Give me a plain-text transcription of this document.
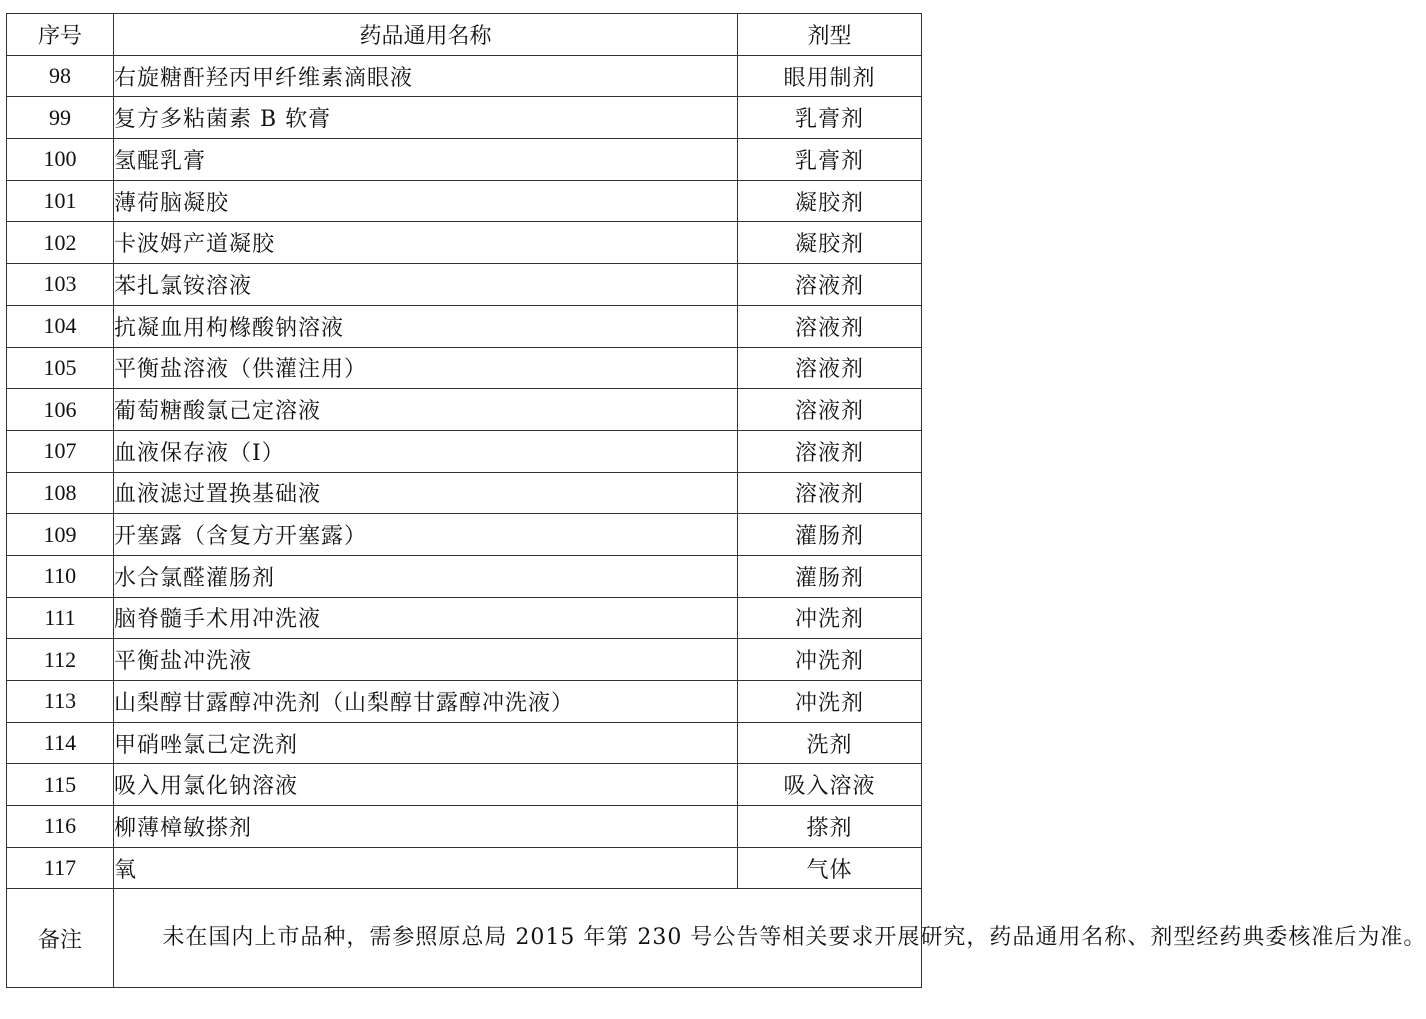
序号	药品通用名称	剂型
98	右旋糖酐羟丙甲纤维素滴眼液	眼用制剂
99	复方多粘菌素 B 软膏	乳膏剂
100	氢醌乳膏	乳膏剂
101	薄荷脑凝胶	凝胶剂
102	卡波姆产道凝胶	凝胶剂
103	苯扎氯铵溶液	溶液剂
104	抗凝血用枸橼酸钠溶液	溶液剂
105	平衡盐溶液（供灌注用）	溶液剂
106	葡萄糖酸氯己定溶液	溶液剂
107	血液保存液（I）	溶液剂
108	血液滤过置换基础液	溶液剂
109	开塞露（含复方开塞露）	灌肠剂
110	水合氯醛灌肠剂	灌肠剂
111	脑脊髓手术用冲洗液	冲洗剂
112	平衡盐冲洗液	冲洗剂
113	山梨醇甘露醇冲洗剂（山梨醇甘露醇冲洗液）	冲洗剂
114	甲硝唑氯己定洗剂	洗剂
115	吸入用氯化钠溶液	吸入溶液
116	柳薄樟敏搽剂	搽剂
117	氧	气体
备注	未在国内上市品种，需参照原总局 2015 年第 230 号公告等相关要求开展研究，药品通用名称、剂型经药典委核准后为准。	
